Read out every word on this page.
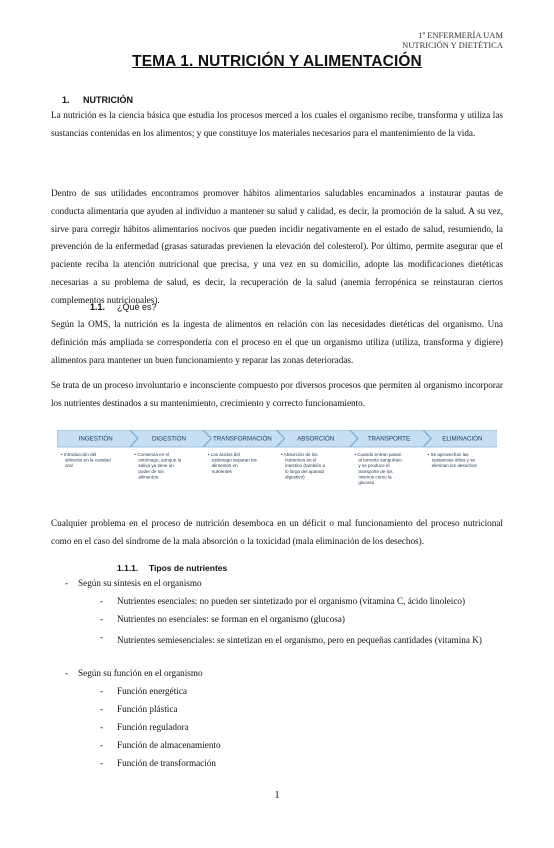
1º ENFERMERÍA UAM
NUTRICIÓN Y DIETÉTICA
TEMA 1. NUTRICIÓN Y ALIMENTACIÓN
1. NUTRICIÓN

La nutrición es la ciencia básica que estudia los procesos merced a los cuales el organismo recibe, transforma y utiliza las sustancias contenidas en los alimentos; y que constituye los materiales necesarios para el mantenimiento de la vida.

Dentro de sus utilidades encontramos promover hábitos alimentarios saludables encaminados a instaurar pautas de conducta alimentaria que ayuden al individuo a mantener su salud y calidad, es decir, la promoción de la salud. A su vez, sirve para corregir hábitos alimentarios nocivos que pueden incidir negativamente en el estado de salud, resumiendo, la prevención de la enfermedad (grasas saturadas previenen la elevación del colesterol). Por último, permite asegurar que el paciente reciba la atención nutricional que precisa, y una vez en su domicilio, adopte las modificaciones dietéticas necesarias a su problema de salud, es decir, la recuperación de la salud (anemia ferropénica se reinstauran ciertos complementos nutricionales).

1.1. ¿Qué es?

Según la OMS, la nutrición es la ingesta de alimentos en relación con las necesidades dietéticas del organismo. Una definición más ampliada se correspondería con el proceso en el que un organismo utiliza (utiliza, transforma y digiere) alimentos para mantener un buen funcionamiento y reparar las zonas deterioradas.

Se trata de un proceso involuntario e inconsciente compuesto por diversos procesos que permiten al organismo incorporar los nutrientes destinados a su mantenimiento, crecimiento y correcto funcionamiento.

INGESTIÓN
• Introducción del alimento en la cavidad oral
DIGESTIÓN
• Comienza en el estómago, aunque la saliva ya tiene un poder de los alimentos
TRANSFORMACIÓN
• Los ácidos del estómago separan los alimentos en nutrientes
ABSORCIÓN
• Absorción de los nutrientes en el intestino (también a lo largo del aparato digestivo)
TRANSPORTE
• Cuando entran pasan al torrente sanguíneo y se produce el transporte de los mismos como la glucosa
ELIMINACIÓN
• Se aprovechan las sustancias útiles y se eliminan los desechos

Cualquier problema en el proceso de nutrición desemboca en un déficit o mal funcionamiento del proceso nutricional como en el caso del síndrome de la mala absorción o la toxicidad (mala eliminación de los desechos).

1.1.1. Tipos de nutrientes
- Según su síntesis en el organismo
- Nutrientes esenciales: no pueden ser sintetizado por el organismo (vitamina C, ácido linoleico)
- Nutrientes no esenciales: se forman en el organismo (glucosa)
- Nutrientes semiesenciales: se sintetizan en el organismo, pero en pequeñas cantidades (vitamina K)
- Según su función en el organismo
- Función energética
- Función plástica
- Función reguladora
- Función de almacenamiento
- Función de transformación
1
